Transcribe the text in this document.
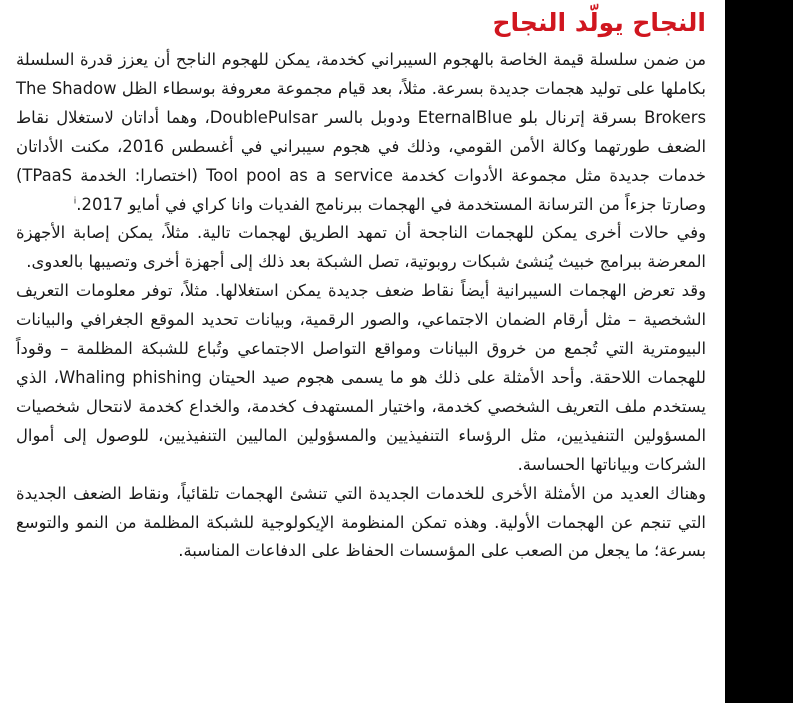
النجاح يولّد النجاح

من ضمن سلسلة قيمة الخاصة بالهجوم السيبراني كخدمة، يمكن للهجوم الناجح أن يعزز قدرة السلسلة بكاملها على توليد هجمات جديدة بسرعة. مثلاً، بعد قيام مجموعة معروفة بوسطاء الظل The Shadow Brokers بسرقة إترنال بلو EternalBlue ودوبل بالسر DoublePulsar، وهما أداتان لاستغلال نقاط الضعف طورتهما وكالة الأمن القومي، وذلك في هجوم سيبراني في أغسطس 2016، مكنت الأداتان خدمات جديدة مثل مجموعة الأدوات كخدمة Tool pool as a service (اختصارا: الخدمة TPaaS) وصارتا جزءاً من الترسانة المستخدمة في الهجمات ببرنامج الفديات وانا كراي في أمايو 2017.$^i$

وفي حالات أخرى يمكن للهجمات الناجحة أن تمهد الطريق لهجمات تالية. مثلاً، يمكن إصابة الأجهزة المعرضة ببرامج خبيث يُنشئ شبكات روبوتية، تصل الشبكة بعد ذلك إلى أجهزة أخرى وتصيبها بالعدوى.

وقد تعرض الهجمات السيبرانية أيضاً نقاط ضعف جديدة يمكن استغلالها. مثلاً، توفر معلومات التعريف الشخصية – مثل أرقام الضمان الاجتماعي، والصور الرقمية، وبيانات تحديد الموقع الجغرافي والبيانات البيومترية التي تُجمع من خروق البيانات ومواقع التواصل الاجتماعي وتُباع للشبكة المظلمة – وقوداً للهجمات اللاحقة. وأحد الأمثلة على ذلك هو ما يسمى هجوم صيد الحيتان Whaling phishing، الذي يستخدم ملف التعريف الشخصي كخدمة، واختيار المستهدف كخدمة، والخداع كخدمة لانتحال شخصيات المسؤولين التنفيذيين، مثل الرؤساء التنفيذيين والمسؤولين الماليين التنفيذيين، للوصول إلى أموال الشركات وبياناتها الحساسة.

وهناك العديد من الأمثلة الأخرى للخدمات الجديدة التي تنشئ الهجمات تلقائياً، ونقاط الضعف الجديدة التي تنجم عن الهجمات الأولية. وهذه تمكن المنظومة الإيكولوجية للشبكة المظلمة من النمو والتوسع بسرعة؛ ما يجعل من الصعب على المؤسسات الحفاظ على الدفاعات المناسبة.
